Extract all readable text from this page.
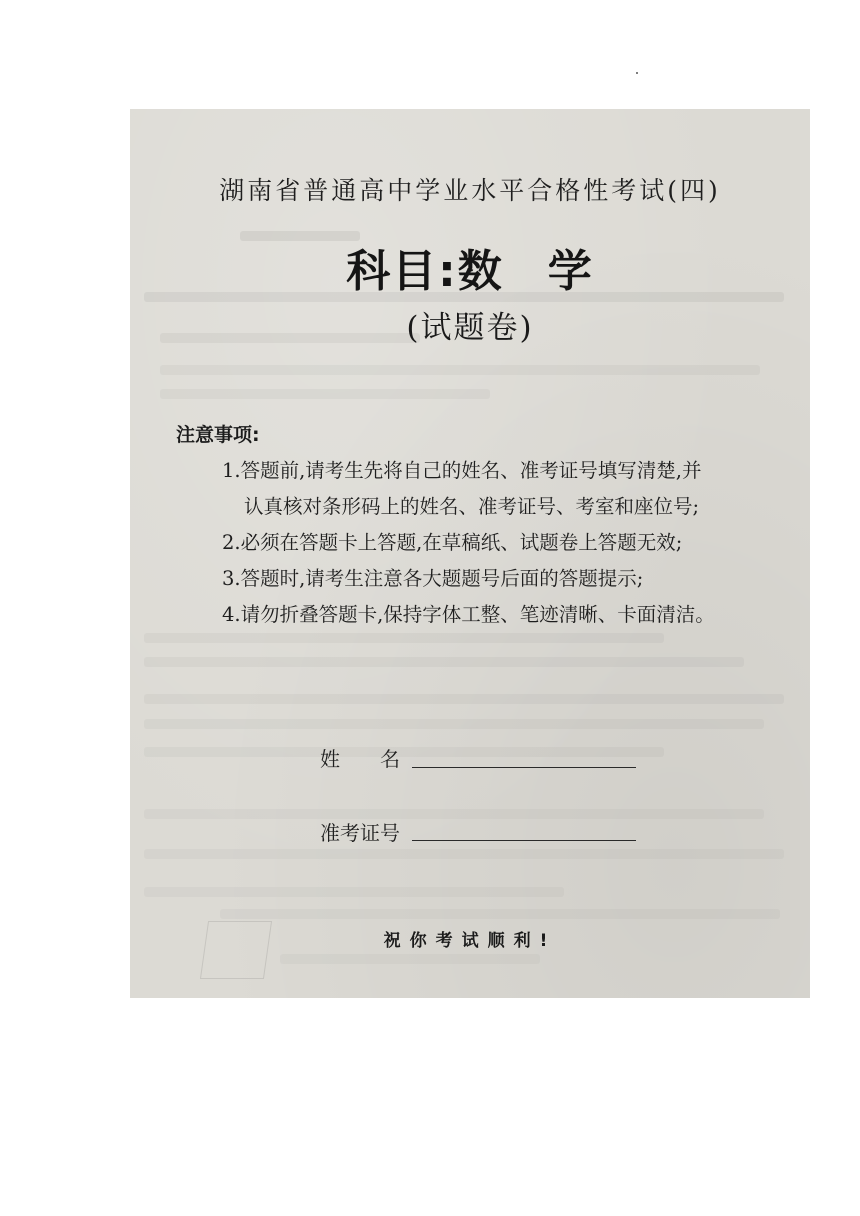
湖南省普通高中学业水平合格性考试(四)
科目:数 学
(试题卷)
注意事项:
1.答题前,请考生先将自己的姓名、准考证号填写清楚,并
认真核对条形码上的姓名、准考证号、考室和座位号;
2.必须在答题卡上答题,在草稿纸、试题卷上答题无效;
3.答题时,请考生注意各大题题号后面的答题提示;
4.请勿折叠答题卡,保持字体工整、笔迹清晰、卡面清洁。
姓　　名
准考证号
祝你考试顺利!
